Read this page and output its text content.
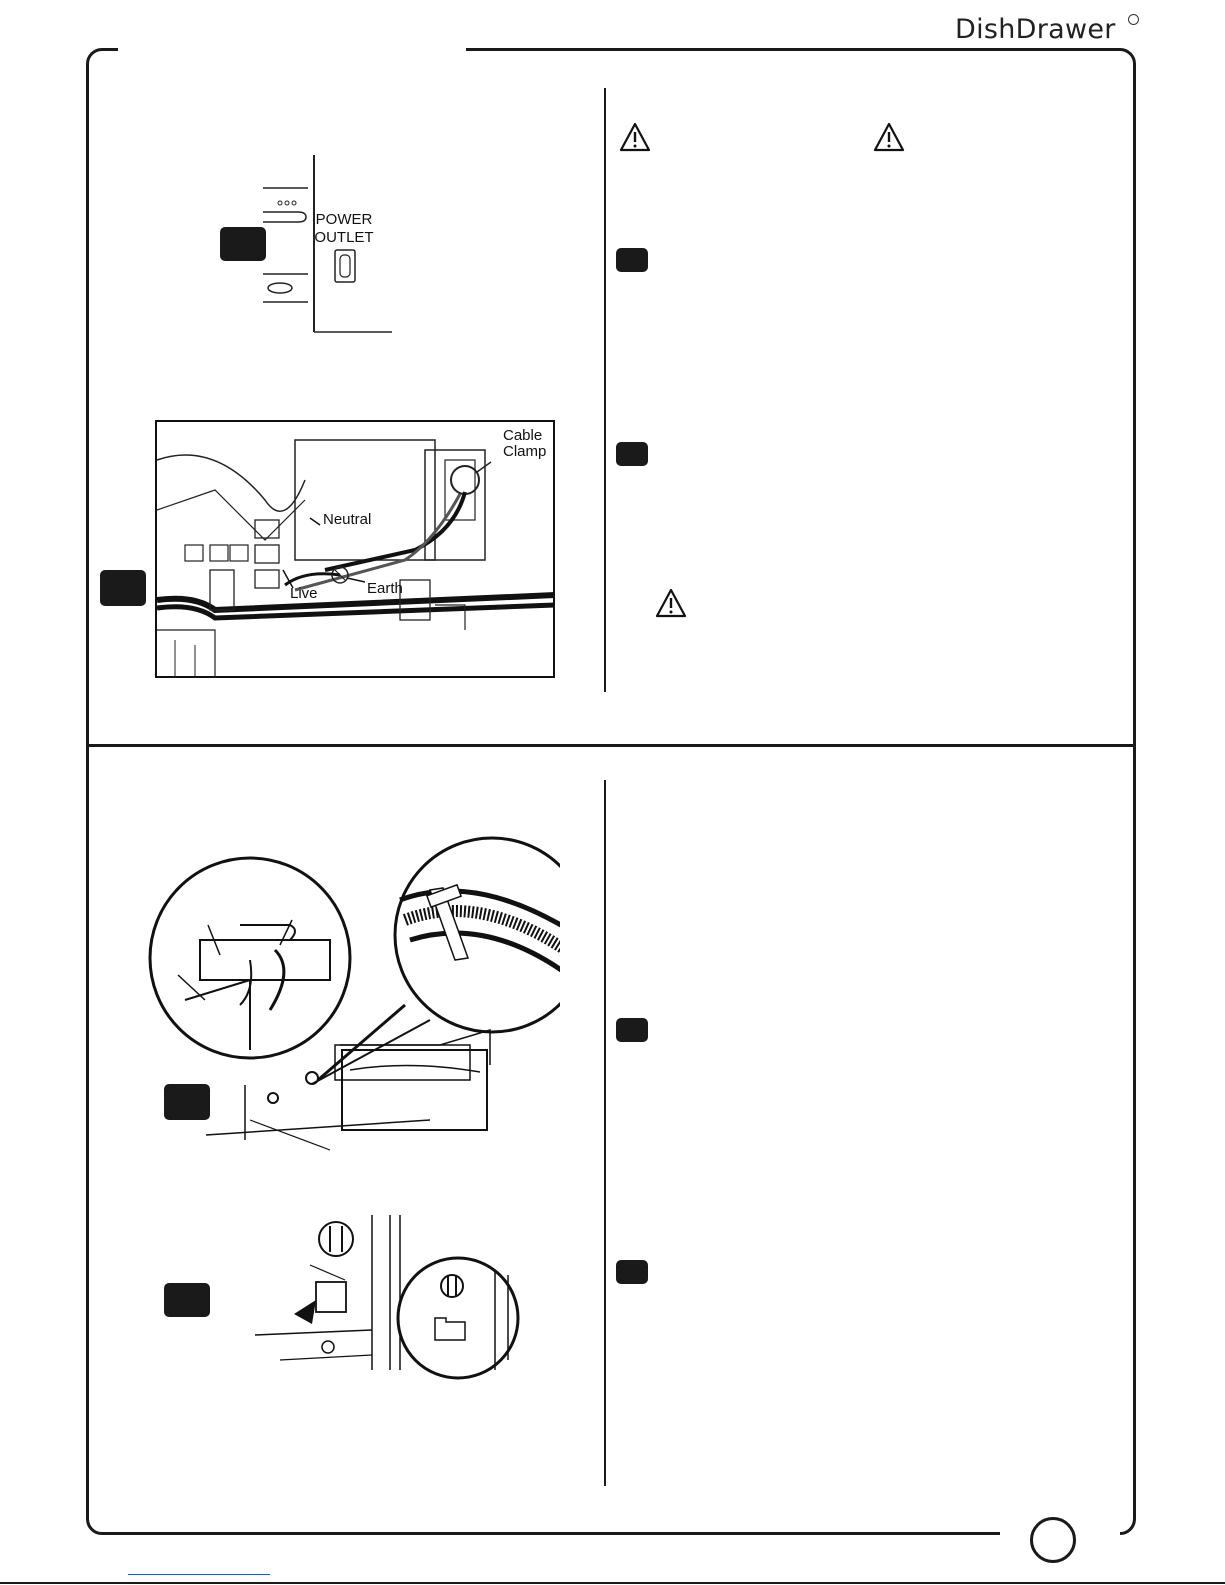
DishDrawer
POWER
OUTLET
Cable
Clamp
Neutral
Live	Earth
